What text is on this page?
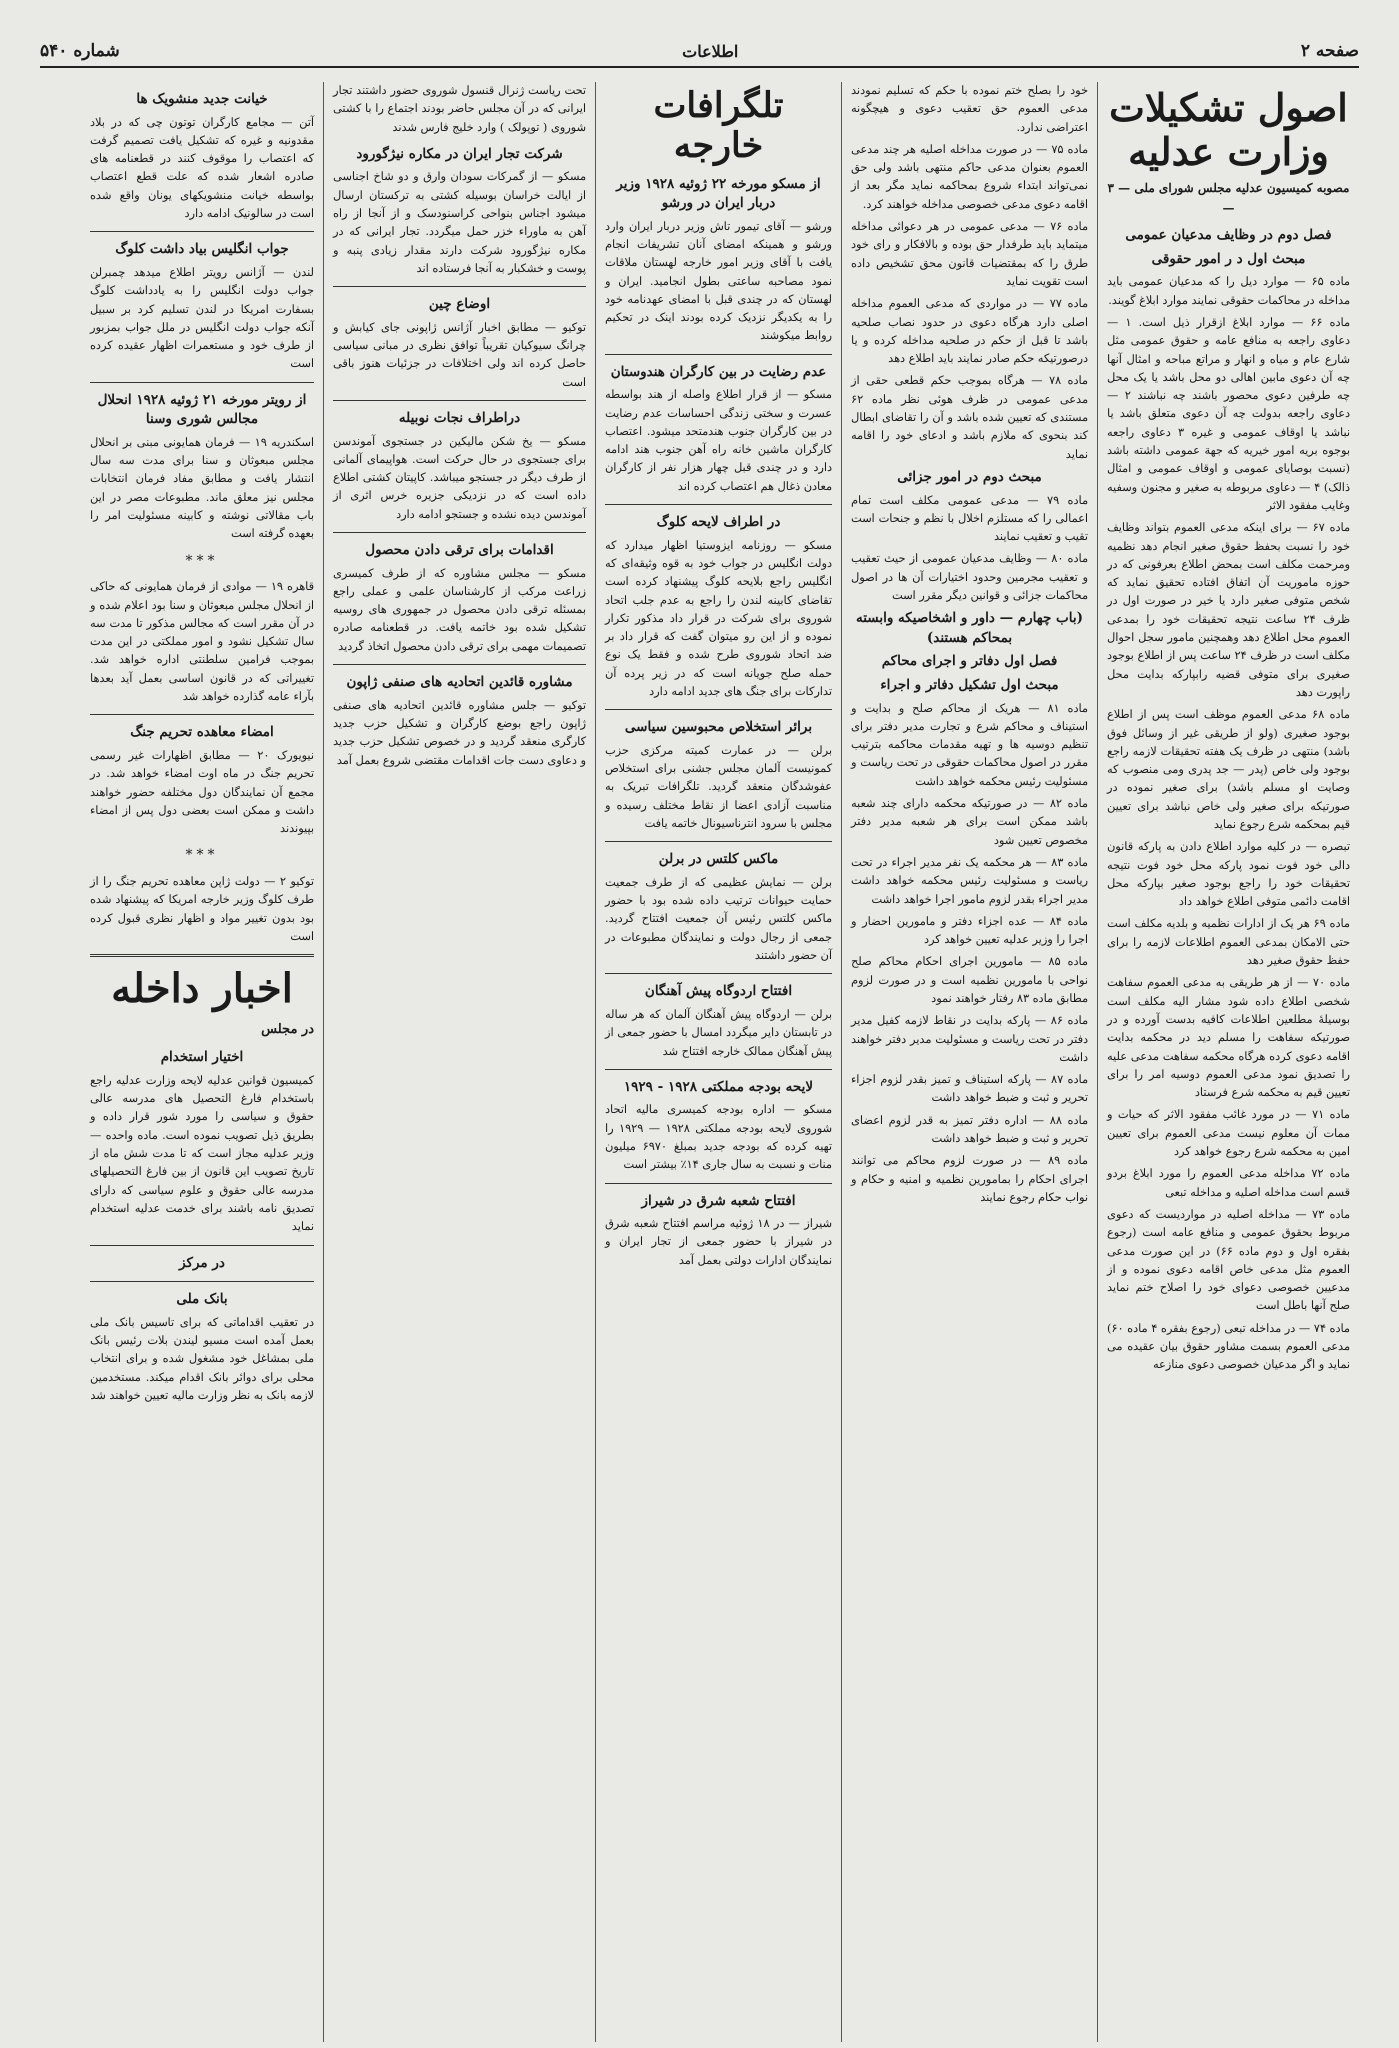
صفحه ۲
اطلاعات
شماره ۵۴۰
اصول تشکیلات وزارت عدلیه
مصوبه کمیسیون عدلیه مجلس شورای ملی — ۳ —
فصل دوم در وظایف مدعیان عمومی
مبحث اول د ر امور حقوقی

ماده ۶۵ — موارد دیل را که مدعیان عمومی باید مداخله در محاکمات حقوقی نمایند موارد ابلاغ گویند.

ماده ۶۶ — موارد ابلاغ ازقرار ذیل است. ۱ — دعاوی راجعه به منافع عامه و حقوق عمومی مثل شارع عام و میاه و انهار و مراتع مباحه و امثال آنها چه آن دعوی مابین اهالی دو محل باشد یا یک محل چه طرفین دعوی محصور باشند چه نباشند ۲ — دعاوی راجعه بدولت چه آن دعوی متعلق باشد یا نباشد یا اوقاف عمومی و غیره ۳ دعاوی راجعه بوجوه بریه امور خیریه که جهة عمومی داشته باشد (نسبت بوصایای عمومی و اوقاف عمومی و امثال ذالک) ۴ — دعاوی مربوطه به صغیر و مجنون وسفیه وغایب مفقود الاثر

ماده ۶۷ — برای اینکه مدعی العموم بتواند وظایف خود را نسبت بحفظ حقوق صغیر انجام دهد نظمیه ومرحمت مکلف است بمحض اطلاع بعرفونی که در حوزه ماموریت آن اتفاق افتاده تحقیق نماید که شخص متوفی صغیر دارد یا خیر در صورت اول در ظرف ۲۴ ساعت نتیجه تحقیقات خود را بمدعی العموم محل اطلاع دهد وهمچنین مامور سجل احوال مکلف است در ظرف ۲۴ ساعت پس از اطلاع بوجود صغیری برای متوفی قضیه رابپارکه بدایت محل راپورت دهد

ماده ۶۸ مدعی العموم موظف است پس از اطلاع بوجود صغیری (ولو از طریقی غیر از وسائل فوق باشد) منتهی در ظرف یک هفته تحقیقات لازمه راجع بوجود ولی خاص (پدر — جد پدری ومی منصوب که وصایت او مسلم باشد) برای صغیر نموده در صورتیکه برای صغیر ولی خاص نباشد برای تعیین قیم بمحکمه شرع رجوع نماید

تبصره — در کلیه موارد اطلاع دادن به پارکه قانون دالی خود فوت نمود پارکه محل خود فوت نتیجه تحقیقات خود را راجع بوجود صغیر بپارکه محل اقامت دائمی متوفی اطلاع خواهد داد

ماده ۶۹ هر یک از ادارات نظمیه و بلدیه مکلف است حتی الامکان بمدعی العموم اطلاعات لازمه را برای حفظ حقوق صغیر دهد

ماده ۷۰ — از هر طریقی به مدعی العموم سفاهت شخصی اطلاع داده شود مشار الیه مکلف است بوسیلهٔ مطلعین اطلاعات کافیه بدست آورده و در صورتیکه سفاهت را مسلم دید در محکمه بدایت اقامه دعوی کرده هرگاه محکمه سفاهت مدعی علیه را تصدیق نمود مدعی العموم دوسیه امر را برای تعیین قیم به محکمه شرع فرستاد

ماده ۷۱ — در مورد غائب مفقود الاثر که حیات و ممات آن معلوم نیست مدعی العموم برای تعیین امین به محکمه شرع رجوع خواهد کرد

ماده ۷۲ مداخله مدعی العموم را مورد ابلاغ بردو قسم است مداخله اصلیه و مداخله تبعی

ماده ۷۳ — مداخله اصلیه در مواردیست که دعوی مربوط بحقوق عمومی و منافع عامه است (رجوع بفقره اول و دوم ماده ۶۶) در این صورت مدعی العموم مثل مدعی خاص اقامه دعوی نموده و از مدعیین خصوصی دعوای خود را اصلاح ختم نماید صلح آنها باطل است

ماده ۷۴ — در مداخله تبعی (رجوع بفقره ۴ ماده ۶۰) مدعی العموم بسمت مشاور حقوق بیان عقیده می نماید و اگر مدعیان خصوصی دعوی منازعه

خود را بصلح ختم نموده با حکم که تسلیم نمودند مدعی العموم حق تعقیب دعوی و هیچگونه اعتراضی ندارد.

ماده ۷۵ — در صورت مداخله اصلیه هر چند مدعی العموم بعنوان مدعی حاکم منتهی باشد ولی حق نمی‌تواند ابتداء شروع بمحاکمه نماید مگر بعد از اقامه دعوی مدعی خصوصی مداخله خواهند کرد.

ماده ۷۶ — مدعی عمومی در هر دعوائی مداخله میتماید باید طرفدار حق بوده و بالافکار و رای خود طرق را که بمقتضیات قانون محق تشخیص داده است تقویت نماید

ماده ۷۷ — در مواردی که مدعی العموم مداخله اصلی دارد هرگاه دعوی در حدود نصاب صلحیه باشد تا قبل از حکم در صلحیه مداخله کرده و یا درصورتیکه حکم صادر نمایند باید اطلاع دهد

ماده ۷۸ — هرگاه بموجب حکم قطعی حقی از مدعی عمومی در ظرف هوئی نظر ماده ۶۲ مستندی که تعیین شده باشد و آن را تقاضای ابطال کند بنحوی که ملازم باشد و ادعای خود را اقامه نماید

مبحث دوم در امور جزائی

ماده ۷۹ — مدعی عمومی مکلف است تمام اعمالی را که مستلزم اخلال با نظم و جنحات است تقیب و تعقیب نمایند

ماده ۸۰ — وظایف مدعیان عمومی از حیث تعقیب و تعقیب مجرمین وحدود اختیارات آن ها در اصول محاکمات جزائی و قوانین دیگر مقرر است

(باب چهارم — داور و اشخاصیکه وابسته بمحاکم هستند)

فصل اول دفاتر و اجرای محاکم

مبحث اول تشکیل دفاتر و اجراء

ماده ۸۱ — هریک از محاکم صلح و بدایت و استیناف و محاکم شرع و تجارت مدیر دفتر برای تنظیم دوسیه ها و تهیه مقدمات محاکمه بترتیب مقرر در اصول محاکمات حقوقی در تحت ریاست و مسئولیت رئیس محکمه خواهد داشت

ماده ۸۲ — در صورتیکه محکمه دارای چند شعبه باشد ممکن است برای هر شعبه مدیر دفتر مخصوص تعیین شود

ماده ۸۳ — هر محکمه یک نفر مدیر اجراء در تحت ریاست و مسئولیت رئیس محکمه خواهد داشت مدیر اجراء بقدر لزوم مامور اجرا خواهد داشت

ماده ۸۴ — عده اجزاء دفتر و مامورین احضار و اجرا را وزیر عدلیه تعیین خواهد کرد

ماده ۸۵ — مامورین اجرای احکام محاکم صلح نواحی با مامورین نظمیه است و در صورت لزوم مطابق ماده ۸۳ رفتار خواهند نمود

ماده ۸۶ — پارکه بدایت در نقاط لازمه کفیل مدیر دفتر در تحت ریاست و مسئولیت مدیر دفتر خواهند داشت

ماده ۸۷ — پارکه استیناف و تمیز بقدر لزوم اجزاء تحریر و ثبت و ضبط خواهد داشت

ماده ۸۸ — اداره دفتر تمیز به قدر لزوم اعضای تحریر و ثبت و ضبط خواهد داشت

ماده ۸۹ — در صورت لزوم محاکم می توانند اجرای احکام را بمامورین نظمیه و امنیه و حکام و نواب حکام رجوع نمایند

تلگرافات خارجه
از مسکو مورخه ۲۲ ژوئیه ۱۹۲۸ وزیر دربار ایران در ورشو

ورشو — آقای تیمور تاش وزیر دربار ایران وارد ورشو و همینکه امضای آنان تشریفات انجام یافت با آقای وزیر امور خارجه لهستان ملاقات نمود مصاحبه ساعتی بطول انجامید. ایران و لهستان که در چندی قبل با امضای عهدنامه خود را به یکدیگر نزدیک کرده بودند اینک در تحکیم روابط میکوشند

عدم رضایت در بین کارگران هندوستان

مسکو — از قرار اطلاع واصله از هند بواسطه عسرت و سختی زندگی احساسات عدم رضایت در بین کارگران جنوب هندمتحد میشود. اعتصاب کارگران ماشین خانه راه آهن جنوب هند ادامه دارد و در چندی قبل چهار هزار نفر از کارگران معادن ذغال هم اعتصاب کرده اند

در اطراف لایحه کلوگ

مسکو — روزنامه ایزوستیا اظهار میدارد که دولت انگلیس در جواب خود به قوه وثیقه‌ای که انگلیس راجع بلایحه کلوگ پیشنهاد کرده است تقاضای کابینه لندن را راجع به عدم جلب اتحاد شوروی برای شرکت در قرار داد مذکور تکرار نموده و از این رو میتوان گفت که قرار داد بر ضد اتحاد شوروی طرح شده و فقط یک نوع حمله صلح جویانه است که در زیر پرده آن تدارکات برای جنگ های جدید ادامه دارد

برائر استخلاص محبوسین سیاسی

برلن — در عمارت کمیته مرکزی حزب کمونیست آلمان مجلس جشنی برای استخلاص عفوشدگان منعقد گردید. تلگرافات تبریک به مناسبت آزادی اعضا از نقاط مختلف رسیده و مجلس با سرود انترناسیونال خاتمه یافت

ماکس کلتس در برلن

برلن — نمایش عظیمی که از طرف جمعیت حمایت حیوانات ترتیب داده شده بود با حضور ماکس کلتس رئیس آن جمعیت افتتاح گردید. جمعی از رجال دولت و نمایندگان مطبوعات در آن حضور داشتند

افتتاح اردوگاه پیش آهنگان

برلن — اردوگاه پیش آهنگان آلمان که هر ساله در تابستان دایر میگردد امسال با حضور جمعی از پیش آهنگان ممالک خارجه افتتاح شد

لایحه بودجه مملکتی ۱۹۲۸ - ۱۹۲۹

مسکو — اداره بودجه کمیسری مالیه اتحاد شوروی لایحه بودجه مملکتی ۱۹۲۸ — ۱۹۲۹ را تهیه کرده که بودجه جدید بمبلغ ۶۹۷۰ میلیون منات و نسبت به سال جاری ۱۴٪ بیشتر است

افتتاح شعبه شرق در شیراز

شیراز — در ۱۸ ژوئیه مراسم افتتاح شعبه شرق در شیراز با حضور جمعی از تجار ایران و نمایندگان ادارات دولتی بعمل آمد

تحت ریاست ژنرال قنسول شوروی حضور داشتند تجار ایرانی که در آن مجلس حاضر بودند اجتماع را با کشتی شوروی ( توپولک ) وارد خلیج فارس شدند

شرکت تجار ایران در مکاره نیژگورود

مسکو — از گمرکات سودان وارق و دو شاخ اجناسی از ایالت خراسان بوسیله کشتی به ترکستان ارسال میشود اجناس بنواحی کراسنودسک و از آنجا از راه آهن به ماوراء خزر حمل میگردد. تجار ایرانی که در مکاره نیژگورود شرکت دارند مقدار زیادی پنبه و پوست و خشکبار به آنجا فرستاده اند

اوضاع چین

توکیو — مطابق اخبار آژانس ژاپونی جای کیابش و چرانگ سیوکیان تقریباً توافق نظری در مبانی سیاسی حاصل کرده اند ولی اختلافات در جزئیات هنوز باقی است

دراطراف نجات نوبیله

مسکو — یخ شکن مالیکین در جستجوی آموندسن برای جستجوی در حال حرکت است. هواپیمای آلمانی از طرف دیگر در جستجو میباشد. کاپیتان کشتی اطلاع داده است که در نزدیکی جزیره خرس اثری از آموندسن دیده نشده و جستجو ادامه دارد

اقدامات برای ترقی دادن محصول

مسکو — مجلس مشاوره که از طرف کمیسری زراعت مرکب از کارشناسان علمی و عملی راجع بمسئله ترقی دادن محصول در جمهوری های روسیه تشکیل شده بود خاتمه یافت. در قطعنامه صادره تصمیمات مهمی برای ترقی دادن محصول اتخاذ گردید

مشاوره قائدین اتحادیه های صنفی ژاپون

توکیو — جلس مشاوره قائدین اتحادیه های صنفی ژاپون راجع بوضع کارگران و تشکیل حزب جدید کارگری منعقد گردید و در خصوص تشکیل حزب جدید و دعاوی دست جات اقدامات مقتضی شروع بعمل آمد

خیانت جدید منشویک ها

آتن — مجامع کارگران توتون چی که در بلاد مقدونیه و غیره که تشکیل یافت تصمیم گرفت که اعتصاب را موقوف کنند در قطعنامه های صادره اشعار شده که علت قطع اعتصاب بواسطه خیانت منشویکهای یونان واقع شده است در سالونیک ادامه دارد

جواب انگلیس بیاد داشت کلوگ

لندن — آژانس رویتر اطلاع میدهد چمبرلن جواب دولت انگلیس را به یادداشت کلوگ بسفارت امریکا در لندن تسلیم کرد بر سبیل آنکه جواب دولت انگلیس در ملل جواب بمزبور از طرف خود و مستعمرات اظهار عقیده کرده است

از رویتر مورخه ۲۱ ژوئیه ۱۹۲۸ انحلال مجالس شوری وسنا

اسکندریه ۱۹ — فرمان همایونی مبنی بر انحلال مجلس مبعوثان و سنا برای مدت سه سال انتشار یافت و مطابق مفاد فرمان انتخابات مجلس نیز معلق ماند. مطبوعات مصر در این باب مقالاتی نوشته و کابینه مسئولیت امر را بعهده گرفته است

***

قاهره ۱۹ — موادی از فرمان همایونی که حاکی از انحلال مجلس مبعوثان و سنا بود اعلام شده و در آن مقرر است که مجالس مذکور تا مدت سه سال تشکیل نشود و امور مملکتی در این مدت بموجب فرامین سلطنتی اداره خواهد شد. تغییراتی که در قانون اساسی بعمل آید بعدها بآراء عامه گذارده خواهد شد

امضاء معاهده تحریم جنگ

نیویورک ۲۰ — مطابق اظهارات غیر رسمی تحریم جنگ در ماه اوت امضاء خواهد شد. در مجمع آن نمایندگان دول مختلفه حضور خواهند داشت و ممکن است بعضی دول پس از امضاء بپیوندند

***

توکیو ۲ — دولت ژاپن معاهده تحریم جنگ را از طرف کلوگ وزیر خارجه امریکا که پیشنهاد شده بود بدون تغییر مواد و اظهار نظری قبول کرده است

اخبار داخله
در مجلس
اختیار استخدام

کمیسیون قوانین عدلیه لایحه وزارت عدلیه راجع باستخدام فارغ التحصیل های مدرسه عالی حقوق و سیاسی را مورد شور قرار داده و بطریق ذیل تصویب نموده است. ماده واحده — وزیر عدلیه مجاز است که تا مدت شش ماه از تاریخ تصویب این قانون از بین فارغ التحصیلهای مدرسه عالی حقوق و علوم سیاسی که دارای تصدیق نامه باشند برای خدمت عدلیه استخدام نماید

در مرکز
بانک ملی

در تعقیب اقداماتی که برای تاسیس بانک ملی بعمل آمده است مسیو لیندن بلات رئیس بانک ملی بمشاغل خود مشغول شده و برای انتخاب محلی برای دوائر بانک اقدام میکند. مستخدمین لازمه بانک به نظر وزارت مالیه تعیین خواهند شد
